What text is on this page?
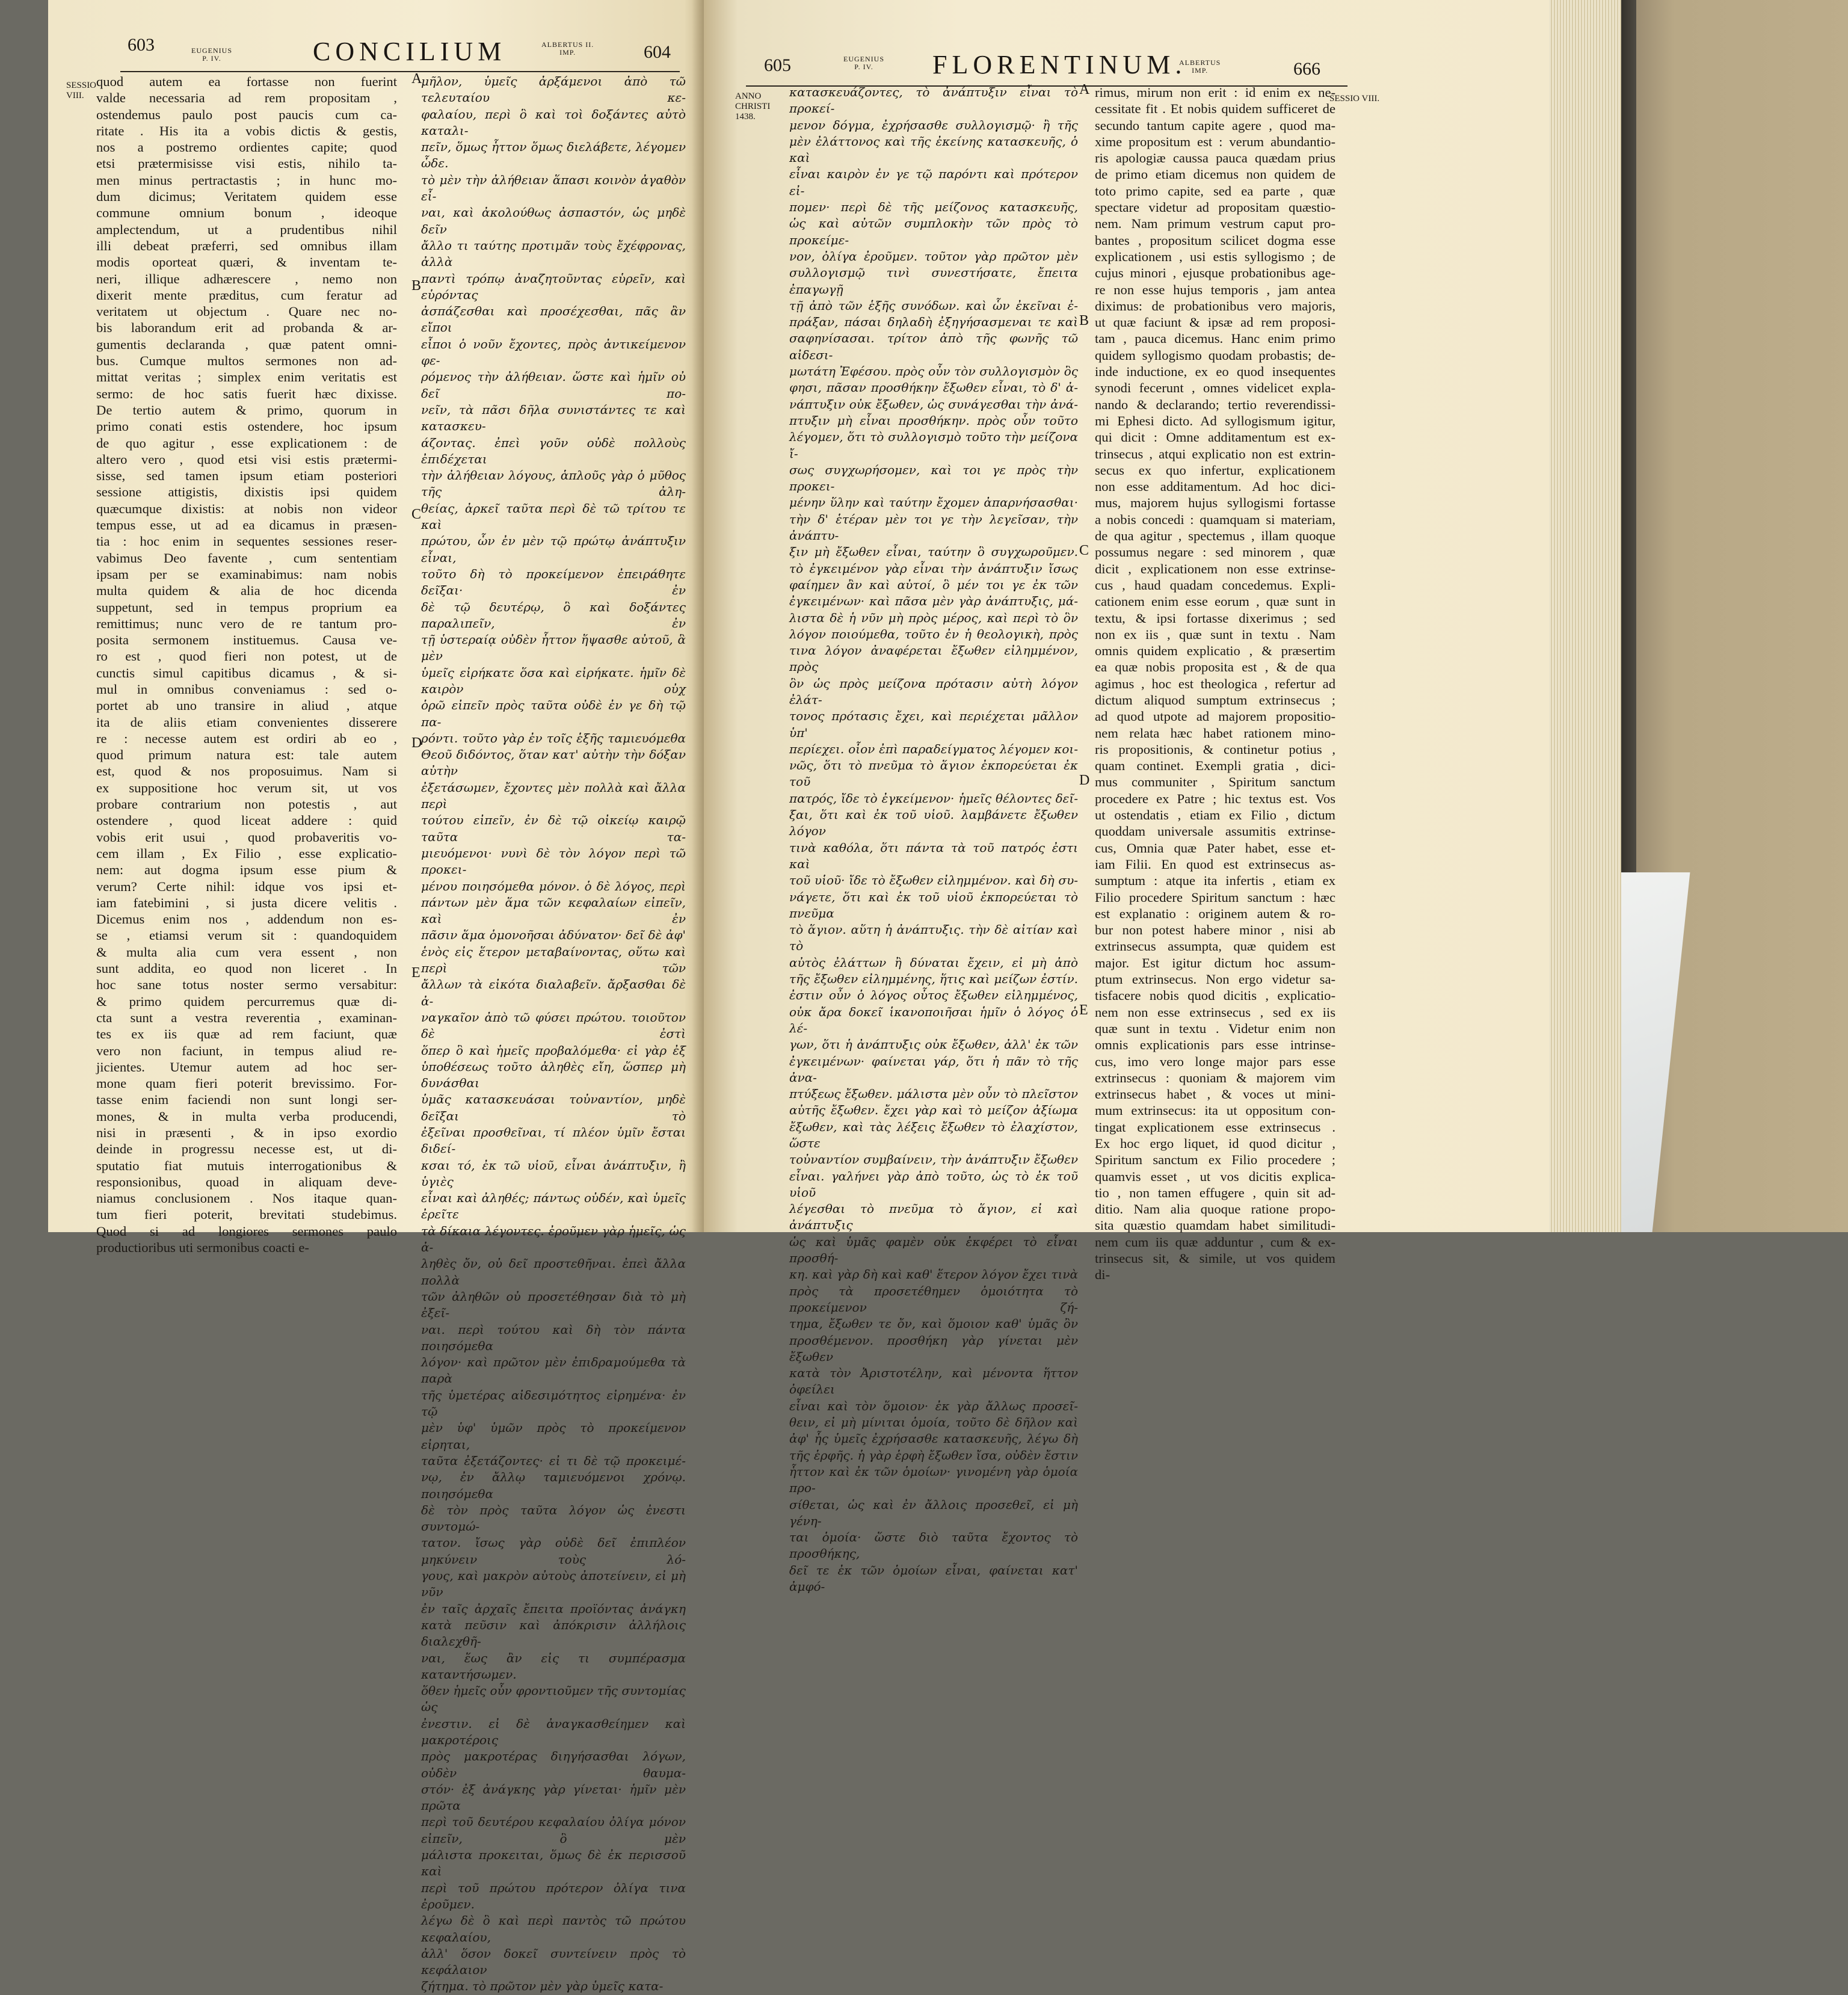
603	EUGENIUS
P. IV.	CONCILIUM	ALBERTUS II.
IMP.	604
SESSIO VIII.

quod autem ea fortasse non fuerint

valde necessaria ad rem propositam ,

ostendemus paulo post paucis cum ca-

ritate . His ita a vobis dictis & gestis,

nos a postremo ordientes capite; quod

etsi prætermisisse visi estis, nihilo ta-

men minus pertractastis ; in hunc mo-

dum dicimus; Veritatem quidem esse

commune omnium bonum , ideoque

amplectendum, ut a prudentibus nihil

illi debeat præferri, sed omnibus illam

modis oporteat quæri, & inventam te-

neri, illique adhærescere , nemo non

dixerit mente præditus, cum feratur ad

veritatem ut objectum . Quare nec no-

bis laborandum erit ad probanda & ar-

gumentis declaranda , quæ patent omni-

bus. Cumque multos sermones non ad-

mittat veritas ; simplex enim veritatis est

sermo: de hoc satis fuerit hæc dixisse.

De tertio autem & primo, quorum in

primo conati estis ostendere, hoc ipsum

de quo agitur , esse explicationem : de

altero vero , quod etsi visi estis prætermi-

sisse, sed tamen ipsum etiam posteriori

sessione attigistis, dixistis ipsi quidem

quæcumque dixistis: at nobis non videor

tempus esse, ut ad ea dicamus in præsen-

tia : hoc enim in sequentes sessiones reser-

vabimus Deo favente , cum sententiam

ipsam per se examinabimus: nam nobis

multa quidem & alia de hoc dicenda

suppetunt, sed in tempus proprium ea

remittimus; nunc vero de re tantum pro-

posita sermonem instituemus. Causa ve-

ro est , quod fieri non potest, ut de

cunctis simul capitibus dicamus , & si-

mul in omnibus conveniamus : sed o-

portet ab uno transire in aliud , atque

ita de aliis etiam convenientes disserere

re : necesse autem est ordiri ab eo ,

quod primum natura est: tale autem

est, quod & nos proposuimus. Nam si

ex suppositione hoc verum sit, ut vos

probare contrarium non potestis , aut

ostendere , quod liceat addere : quid

vobis erit usui , quod probaveritis vo-

cem illam , Ex Filio , esse explicatio-

nem: aut dogma ipsum esse pium &

verum? Certe nihil: idque vos ipsi et-

iam fatebimini , si justa dicere velitis .

Dicemus enim nos , addendum non es-

se , etiamsi verum sit : quandoquidem

& multa alia cum vera essent , non

sunt addita, eo quod non liceret . In

hoc sane totus noster sermo versabitur:

& primo quidem percurremus quæ di-

cta sunt a vestra reverentia , examinan-

tes ex iis quæ ad rem faciunt, quæ

vero non faciunt, in tempus aliud re-

jicientes. Utemur autem ad hoc ser-

mone quam fieri poterit brevissimo. For-

tasse enim faciendi non sunt longi ser-

mones, & in multa verba producendi,

nisi in præsenti , & in ipso exordio

deinde in progressu necesse est, ut di-

sputatio fiat mutuis interrogationibus &

responsionibus, quoad in aliquam deve-

niamus conclusionem . Nos itaque quan-

tum fieri poterit, brevitati studebimus.

Quod si ad longiores sermones paulo

productioribus uti sermonibus coacti e-

μῆλον, ὑμεῖς ἀρξάμενοι ἀπὸ τῶ τελευταίου κε-

φαλαίου, περὶ ὃ καὶ τοὶ δοξάντες αὐτὸ καταλι-

πεῖν, ὅμως ἧττον ὅμως διελάβετε, λέγομεν ὧδε.

τὸ μὲν τὴν ἀλήθειαν ἅπασι κοινὸν ἀγαθὸν εἶ-

ναι, καὶ ἀκολούθως ἀσπαστόν, ὡς μηδὲ δεῖν

ἄλλο τι ταύτης προτιμᾶν τοὺς ἔχέφρονας, ἀλλὰ

παντὶ τρόπῳ ἀναζητοῦντας εὑρεῖν, καὶ εὑρόντας

ἀσπάζεσθαι καὶ προσέχεσθαι, πᾶς ἂν εἴποι

εἶποι ὁ νοῦν ἔχοντες, πρὸς ἀντικείμενον φε-

ρόμενος τὴν ἀλήθειαν. ὥστε καὶ ἡμῖν οὐ δεῖ πο-

νεῖν, τὰ πᾶσι δῆλα συνιστάντες τε καὶ κατασκευ-

άζοντας. ἐπεὶ γοῦν οὐδὲ πολλοὺς ἐπιδέχεται

τὴν ἀλήθειαν λόγους, ἁπλοῦς γὰρ ὁ μῦθος τῆς ἀλη-

θείας, ἀρκεῖ ταῦτα περὶ δὲ τῶ τρίτου τε καὶ

πρώτου, ὧν ἐν μὲν τῷ πρώτῳ ἀνάπτυξιν εἶναι,

τοῦτο δὴ τὸ προκείμενον ἐπειράθητε δεῖξαι· ἐν

δὲ τῷ δευτέρῳ, ὃ καὶ δοξάντες παραλιπεῖν, ἐν

τῇ ὑστεραίᾳ οὐδὲν ἧττον ἥψασθε αὐτοῦ, ἃ μὲν

ὑμεῖς εἰρήκατε ὅσα καὶ εἰρήκατε. ἡμῖν δὲ καιρὸν οὐχ

ὁρῶ εἰπεῖν πρὸς ταῦτα οὐδὲ ἐν γε δὴ τῷ πα-

ρόντι. τοῦτο γὰρ ἐν τοῖς ἑξῆς ταμιευόμεθα

Θεοῦ διδόντος, ὅταν κατ' αὐτὴν τὴν δόξαν αὐτὴν

ἐξετάσωμεν, ἔχοντες μὲν πολλὰ καὶ ἄλλα περὶ

τούτου εἰπεῖν, ἐν δὲ τῷ οἰκείῳ καιρῷ ταῦτα τα-

μιευόμενοι· νυνὶ δὲ τὸν λόγον περὶ τῶ προκει-

μένου ποιησόμεθα μόνον. ὁ δὲ λόγος, περὶ

πάντων μὲν ἅμα τῶν κεφαλαίων εἰπεῖν, καὶ ἐν

πᾶσιν ἅμα ὁμονοῆσαι ἀδύνατον· δεῖ δὲ ἀφ'

ἑνὸς εἰς ἕτερον μεταβαίνοντας, οὕτω καὶ περὶ τῶν

ἄλλων τὰ εἰκότα διαλαβεῖν. ἄρξασθαι δὲ ἀ-

ναγκαῖον ἀπὸ τῶ φύσει πρώτου. τοιοῦτον δὲ ἐστὶ

ὅπερ ὃ καὶ ἡμεῖς προβαλόμεθα· εἰ γὰρ ἐξ

ὑποθέσεως τοῦτο ἀληθὲς εἴη, ὥσπερ μὴ δυνάσθαι

ὑμᾶς κατασκευάσαι τοὐναντίον, μηδὲ δεῖξαι τὸ

ἐξεῖναι προσθεῖναι, τί πλέον ὑμῖν ἔσται διδεί-

κσαι τό, ἐκ τῶ υἱοῦ, εἶναι ἀνάπτυξιν, ἢ ὑγιὲς

εἶναι καὶ ἀληθές; πάντως οὐδέν, καὶ ὑμεῖς ἐρεῖτε

τὰ δίκαια λέγοντες. ἐροῦμεν γὰρ ἡμεῖς, ὡς ἀ-

ληθὲς ὄν, οὐ δεῖ προστεθῆναι. ἐπεὶ ἄλλα πολλὰ

τῶν ἀληθῶν οὐ προσετέθησαν διὰ τὸ μὴ ἐξεῖ-

ναι. περὶ τούτου καὶ δὴ τὸν πάντα ποιησόμεθα

λόγον· καὶ πρῶτον μὲν ἐπιδραμούμεθα τὰ παρὰ

τῆς ὑμετέρας αἰδεσιμότητος εἰρημένα· ἐν τῷ

μὲν ὑφ' ὑμῶν πρὸς τὸ προκείμενον εἰρηται,

ταῦτα ἐξετάζοντες· εἰ τι δὲ τῷ προκειμέ-

νῳ, ἐν ἄλλῳ ταμιευόμενοι χρόνῳ. ποιησόμεθα

δὲ τὸν πρὸς ταῦτα λόγον ὡς ἐνεστι συντομώ-

τατον. ἴσως γὰρ οὐδὲ δεῖ ἐπιπλέον μηκύνειν τοὺς λό-

γους, καὶ μακρὸν αὐτοὺς ἀποτείνειν, εἰ μὴ νῦν

ἐν ταῖς ἀρχαῖς ἔπειτα προϊόντας ἀνάγκη

κατὰ πεῦσιν καὶ ἀπόκρισιν ἀλλήλοις διαλεχθῆ-

ναι, ἕως ἂν εἰς τι συμπέρασμα καταντήσωμεν.

ὅθεν ἡμεῖς οὖν φροντιοῦμεν τῆς συντομίας ὡς

ἐνεστιν. εἰ δὲ ἀναγκασθείημεν καὶ μακροτέροις

πρὸς μακροτέρας διηγήσασθαι λόγων, οὐδὲν θαυμα-

στόν· ἐξ ἀνάγκης γὰρ γίνεται· ἡμῖν μὲν πρῶτα

περὶ τοῦ δευτέρου κεφαλαίου ὀλίγα μόνον εἰπεῖν, ὃ μὲν

μάλιστα προκειται, ὅμως δὲ ἐκ περισσοῦ καὶ

περὶ τοῦ πρώτου πρότερον ὀλίγα τινα ἐροῦμεν.

λέγω δὲ ὃ καὶ περὶ παντὸς τῶ πρώτου κεφαλαίου,

ἀλλ' ὅσον δοκεῖ συντείνειν πρὸς τὸ κεφάλαιον

ζήτημα. τὸ πρῶτον μὲν γὰρ ὑμεῖς κατα-

A
B
C
D
E
605	EUGENIUS
P. IV.	FLORENTINUM.
ALBERTUS
IMP.	666
ANNO CHRISTI 1438.
SESSIO VIII.

κατασκευάζοντες, τὸ ἀνάπτυξιν εἶναι τὸ προκεί-

μενον δόγμα, ἐχρήσασθε συλλογισμῷ· ἢ τῆς

μὲν ἐλάττονος καὶ τῆς ἐκείνης κατασκευῆς, ὁ καὶ

εἶναι καιρὸν ἐν γε τῷ παρόντι καὶ πρότερον εἰ-

πομεν· περὶ δὲ τῆς μείζονος κατασκευῆς,

ὡς καὶ αὐτῶν συμπλοκὴν τῶν πρὸς τὸ προκείμε-

νον, ὀλίγα ἐροῦμεν. τοῦτον γὰρ πρῶτον μὲν

συλλογισμῷ τινὶ συνεστήσατε, ἔπειτα ἐπαγωγῇ

τῇ ἀπὸ τῶν ἑξῆς συνόδων. καὶ ὧν ἐκεῖναι ἐ-

πράξαν, πάσαι δηλαδὴ ἐξηγήσασμεναι τε καὶ

σαφηνίσασαι. τρίτον ἀπὸ τῆς φωνῆς τῶ αἰδεσι-

μωτάτη Ἐφέσου. πρὸς οὖν τὸν συλλογισμὸν ὃς

φησι, πᾶσαν προσθήκην ἔξωθεν εἶναι, τὸ δ' ἀ-

νάπτυξιν οὐκ ἔξωθεν, ὡς συνάγεσθαι τὴν ἀνά-

πτυξιν μὴ εἶναι προσθήκην. πρὸς οὖν τοῦτο

λέγομεν, ὅτι τὸ συλλογισμὸ τοῦτο τὴν μείζονα ἴ-

σως συγχωρήσομεν, καὶ τοι γε πρὸς τὴν προκει-

μένην ὕλην καὶ ταύτην ἔχομεν ἀπαρνήσασθαι·

τὴν δ' ἑτέραν μὲν τοι γε τὴν λεγεῖσαν, τὴν ἀνάπτυ-

ξιν μὴ ἔξωθεν εἶναι, ταύτην ὃ συγχωροῦμεν.

τὸ ἐγκειμένον γὰρ εἶναι τὴν ἀνάπτυξιν ἴσως

φαίημεν ἂν καὶ αὐτοί, ὃ μέν τοι γε ἐκ τῶν

ἐγκειμένων· καὶ πᾶσα μὲν γὰρ ἀνάπτυξις, μά-

λιστα δὲ ἡ νῦν μὴ πρὸς μέρος, καὶ περὶ τὸ ὃν

λόγον ποιούμεθα, τοῦτο ἐν ἡ θεολογικὴ, πρὸς

τινα λόγον ἀναφέρεται ἔξωθεν εἰλημμένον, πρὸς

ὃν ὡς πρὸς μείζονα πρότασιν αὐτὴ λόγον ἐλάτ-

τονος πρότασις ἔχει, καὶ περιέχεται μᾶλλον ὑπ'

περίεχει. οἷον ἐπὶ παραδείγματος λέγομεν κοι-

νῶς, ὅτι τὸ πνεῦμα τὸ ἅγιον ἐκπορεύεται ἐκ τοῦ

πατρός, ἴδε τὸ ἐγκείμενον· ἡμεῖς θέλοντες δεῖ-

ξαι, ὅτι καὶ ἐκ τοῦ υἱοῦ. λαμβάνετε ἔξωθεν λόγον

τινὰ καθόλα, ὅτι πάντα τὰ τοῦ πατρός ἐστι καὶ

τοῦ υἱοῦ· ἴδε τὸ ἔξωθεν εἰλημμένον. καὶ δὴ συ-

νάγετε, ὅτι καὶ ἐκ τοῦ υἱοῦ ἐκπορεύεται τὸ πνεῦμα

τὸ ἅγιον. αὕτη ἡ ἀνάπτυξις. τὴν δὲ αἰτίαν καὶ τὸ

αὐτὸς ἐλάττων ἢ δύναται ἔχειν, εἰ μὴ ἀπὸ

τῆς ἔξωθεν εἰλημμένης, ἥτις καὶ μείζων ἐστίν.

ἐστιν οὖν ὁ λόγος οὗτος ἔξωθεν εἰλημμένος,

οὐκ ἄρα δοκεῖ ἱκανοποιῆσαι ἡμῖν ὁ λόγος ὁ λέ-

γων, ὅτι ἡ ἀνάπτυξις οὐκ ἔξωθεν, ἀλλ' ἐκ τῶν

ἐγκειμένων· φαίνεται γάρ, ὅτι ἡ πᾶν τὸ τῆς ἀνα-

πτύξεως ἔξωθεν. μάλιστα μὲν οὖν τὸ πλεῖστον

αὐτῆς ἔξωθεν. ἔχει γὰρ καὶ τὸ μείζον ἀξίωμα

ἔξωθεν, καὶ τὰς λέξεις ἔξωθεν τὸ ἐλαχίστον, ὥστε

τοὐναντίον συμβαίνειν, τὴν ἀνάπτυξιν ἔξωθεν

εἶναι. γαλήνει γὰρ ἀπὸ τοῦτο, ὡς τὸ ἐκ τοῦ υἱοῦ

λέγεσθαι τὸ πνεῦμα τὸ ἅγιον, εἰ καὶ ἀνάπτυξις

ὡς καὶ ὑμᾶς φαμὲν οὐκ ἐκφέρει τὸ εἶναι προσθή-

κη. καὶ γὰρ δὴ καὶ καθ' ἕτερον λόγον ἔχει τινὰ

πρὸς τὰ προσετέθημεν ὁμοιότητα τὸ προκείμενον ζή-

τημα, ἔξωθεν τε ὄν, καὶ ὅμοιον καθ' ὑμᾶς ὂν

προσθέμενον. προσθήκη γὰρ γίνεται μὲν ἔξωθεν

κατὰ τὸν Ἀριστοτέλην, καὶ μένοντα ἥττον ὀφείλει

εἶναι καὶ τὸν ὅμοιον· ἐκ γὰρ ἄλλως προσεῖ-

θειν, εἰ μὴ μίνιται ὁμοία, τοῦτο δὲ δῆλον καὶ

ἀφ' ἧς ὑμεῖς ἐχρήσασθε κατασκευῆς, λέγω δὴ

τῆς ἑρφῆς. ἡ γὰρ ἑρφὴ ἔξωθεν ἴσα, οὐδὲν ἔστιν

ἧττον καὶ ἐκ τῶν ὁμοίων· γινομένη γὰρ ὁμοία προ-

σίθεται, ὡς καὶ ἐν ἄλλοις προσεθεῖ, εἰ μὴ γένη-

ται ὁμοία· ὥστε διὸ ταῦτα ἔχοντος τὸ προσθήκης,

δεῖ τε ἐκ τῶν ὁμοίων εἶναι, φαίνεται κατ' ἀμφό-

rimus, mirum non erit : id enim ex ne-

cessitate fit . Et nobis quidem sufficeret de

secundo tantum capite agere , quod ma-

xime propositum est : verum abundantio-

ris apologiæ caussa pauca quædam prius

de primo etiam dicemus non quidem de

toto primo capite, sed ea parte , quæ

spectare videtur ad propositam quæstio-

nem. Nam primum vestrum caput pro-

bantes , propositum scilicet dogma esse

explicationem , usi estis syllogismo ; de

cujus minori , ejusque probationibus age-

re non esse hujus temporis , jam antea

diximus: de probationibus vero majoris,

ut quæ faciunt & ipsæ ad rem proposi-

tam , pauca dicemus. Hanc enim primo

quidem syllogismo quodam probastis; de-

inde inductione, ex eo quod insequentes

synodi fecerunt , omnes videlicet expla-

nando & declarando; tertio reverendissi-

mi Ephesi dicto. Ad syllogismum igitur,

qui dicit : Omne additamentum est ex-

trinsecus , atqui explicatio non est extrin-

secus ex quo infertur, explicationem

non esse additamentum. Ad hoc dici-

mus, majorem hujus syllogismi fortasse

a nobis concedi : quamquam si materiam,

de qua agitur , spectemus , illam quoque

possumus negare : sed minorem , quæ

dicit , explicationem non esse extrinse-

cus , haud quadam concedemus. Expli-

cationem enim esse eorum , quæ sunt in

textu, & ipsi fortasse dixerimus ; sed

non ex iis , quæ sunt in textu . Nam

omnis quidem explicatio , & præsertim

ea quæ nobis proposita est , & de qua

agimus , hoc est theologica , refertur ad

dictum aliquod sumptum extrinsecus ;

ad quod utpote ad majorem propositio-

nem relata hæc habet rationem mino-

ris propositionis, & continetur potius ,

quam continet. Exempli gratia , dici-

mus communiter , Spiritum sanctum

procedere ex Patre ; hic textus est. Vos

ut ostendatis , etiam ex Filio , dictum

quoddam universale assumitis extrinse-

cus, Omnia quæ Pater habet, esse et-

iam Filii. En quod est extrinsecus as-

sumptum : atque ita infertis , etiam ex

Filio procedere Spiritum sanctum : hæc

est explanatio : originem autem & ro-

bur non potest habere minor , nisi ab

extrinsecus assumpta, quæ quidem est

major. Est igitur dictum hoc assum-

ptum extrinsecus. Non ergo videtur sa-

tisfacere nobis quod dicitis , explicatio-

nem non esse extrinsecus , sed ex iis

quæ sunt in textu . Videtur enim non

omnis explicationis pars esse intrinse-

cus, imo vero longe major pars esse

extrinsecus : quoniam & majorem vim

extrinsecus habet , & voces ut mini-

mum extrinsecus: ita ut oppositum con-

tingat explicationem esse extrinsecus .

Ex hoc ergo liquet, id quod dicitur ,

Spiritum sanctum ex Filio procedere ;

quamvis esset , ut vos dicitis explica-

tio , non tamen effugere , quin sit ad-

ditio. Nam alia quoque ratione propo-

sita quæstio quamdam habet similitudi-

nem cum iis quæ adduntur , cum & ex-

trinsecus sit, & simile, ut vos quidem

di-

A
B
C
D
E
